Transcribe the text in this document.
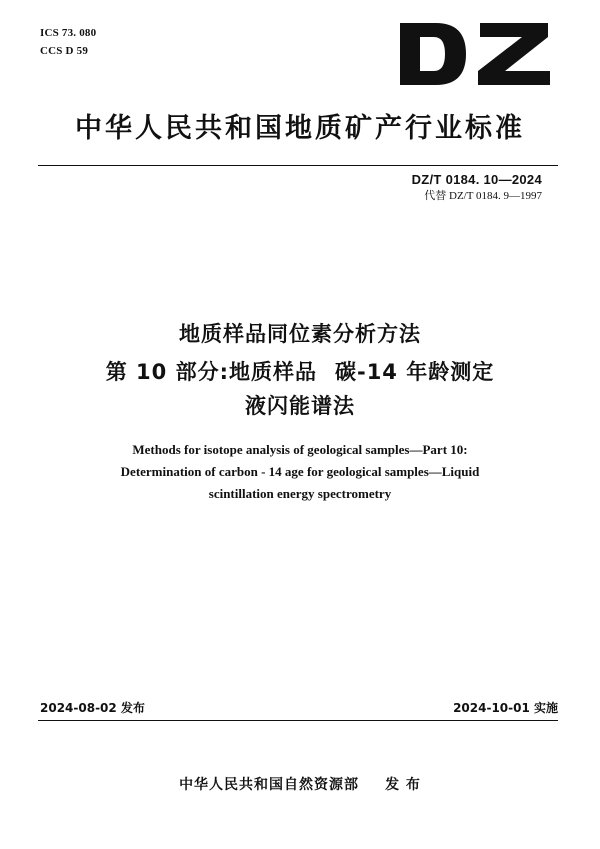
ICS 73. 080
CCS D 59
中华人民共和国地质矿产行业标准
DZ/T 0184. 10—2024
代替 DZ/T 0184. 9—1997
地质样品同位素分析方法
第 10 部分:地质样品 碳-14 年龄测定
液闪能谱法
Methods for isotope analysis of geological samples—Part 10:
Determination of carbon - 14 age for geological samples—Liquid
scintillation energy spectrometry
2024-08-02 发布	2024-10-01 实施
中华人民共和国自然资源部 发 布
